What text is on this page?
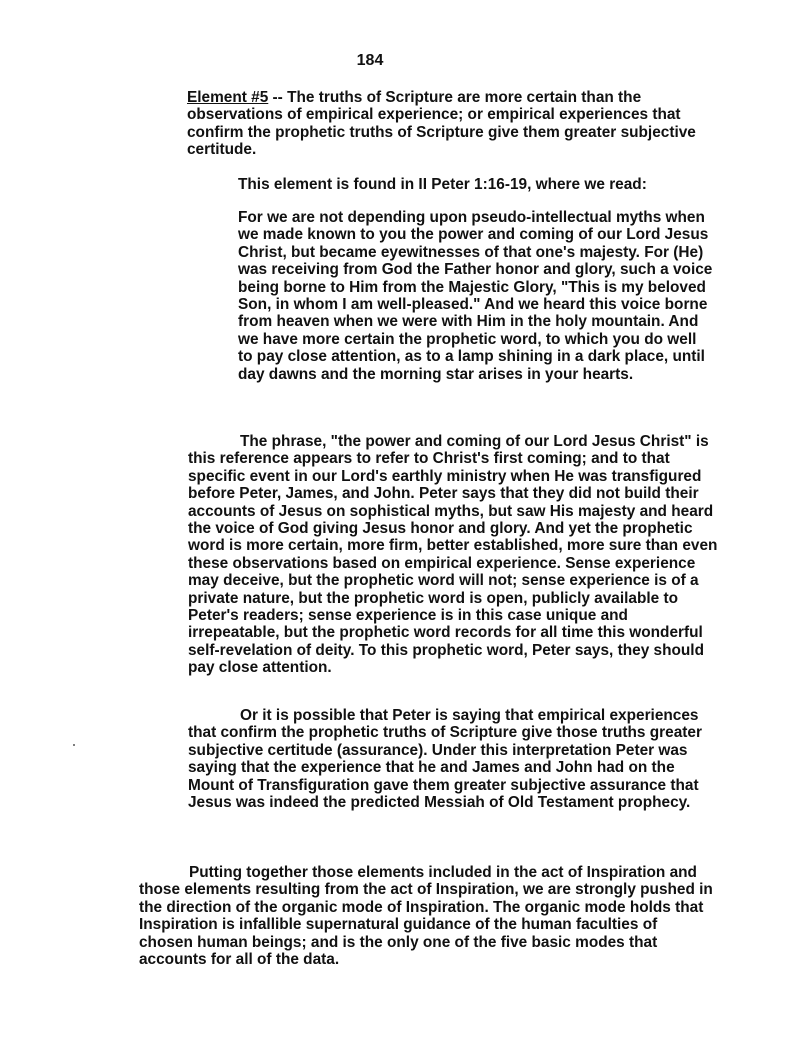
184

Element #5 -- The truths of Scripture are more certain than the observations of empirical experience; or empirical experiences that confirm the prophetic truths of Scripture give them greater subjective certitude.

This element is found in II Peter 1:16-19, where we read:

For we are not depending upon pseudo-intellectual myths when we made known to you the power and coming of our Lord Jesus Christ, but became eyewitnesses of that one's majesty. For (He) was receiving from God the Father honor and glory, such a voice being borne to Him from the Majestic Glory, "This is my beloved Son, in whom I am well-pleased." And we heard this voice borne from heaven when we were with Him in the holy mountain. And we have more certain the prophetic word, to which you do well to pay close attention, as to a lamp shining in a dark place, until day dawns and the morning star arises in your hearts.

The phrase, "the power and coming of our Lord Jesus Christ" is this reference appears to refer to Christ's first coming; and to that specific event in our Lord's earthly ministry when He was transfigured before Peter, James, and John. Peter says that they did not build their accounts of Jesus on sophistical myths, but saw His majesty and heard the voice of God giving Jesus honor and glory. And yet the prophetic word is more certain, more firm, better established, more sure than even these observations based on empirical experience. Sense experience may deceive, but the prophetic word will not; sense experience is of a private nature, but the prophetic word is open, publicly available to Peter's readers; sense experience is in this case unique and irrepeatable, but the prophetic word records for all time this wonderful self-revelation of deity. To this prophetic word, Peter says, they should pay close attention.

Or it is possible that Peter is saying that empirical experiences that confirm the prophetic truths of Scripture give those truths greater subjective certitude (assurance). Under this interpretation Peter was saying that the experience that he and James and John had on the Mount of Transfiguration gave them greater subjective assurance that Jesus was indeed the predicted Messiah of Old Testament prophecy.

Putting together those elements included in the act of Inspiration and those elements resulting from the act of Inspiration, we are strongly pushed in the direction of the organic mode of Inspiration. The organic mode holds that Inspiration is infallible supernatural guidance of the human faculties of chosen human beings; and is the only one of the five basic modes that accounts for all of the data.
